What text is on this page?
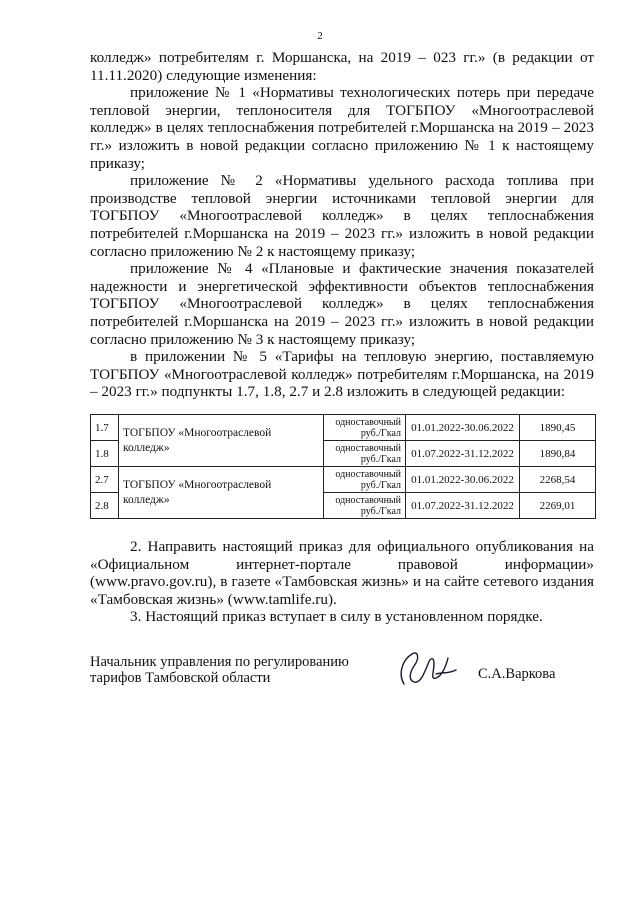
2

колледж» потребителям г. Моршанска, на 2019 – 023 гг.» (в редакции от 11.11.2020) следующие изменения:

приложение № 1 «Нормативы технологических потерь при передаче тепловой энергии, теплоносителя для ТОГБПОУ «Многоотраслевой колледж» в целях теплоснабжения потребителей г.Моршанска на 2019 – 2023 гг.» изложить в новой редакции согласно приложению № 1 к настоящему приказу;

приложение № 2 «Нормативы удельного расхода топлива при производстве тепловой энергии источниками тепловой энергии для ТОГБПОУ «Многоотраслевой колледж» в целях теплоснабжения потребителей г.Моршанска на 2019 – 2023 гг.» изложить в новой редакции согласно приложению № 2 к настоящему приказу;

приложение № 4 «Плановые и фактические значения показателей надежности и энергетической эффективности объектов теплоснабжения ТОГБПОУ «Многоотраслевой колледж» в целях теплоснабжения потребителей г.Моршанска на 2019 – 2023 гг.» изложить в новой редакции согласно приложению № 3 к настоящему приказу;

в приложении № 5 «Тарифы на тепловую энергию, поставляемую ТОГБПОУ «Многоотраслевой колледж» потребителям г.Моршанска, на 2019 – 2023 гг.» подпункты 1.7, 1.8, 2.7 и 2.8 изложить в следующей редакции:

1.7	ТОГБПОУ «Многоотраслевой колледж»	одноставочный руб./Гкал	01.01.2022-30.06.2022	1890,45
1.8		одноставочный руб./Гкал	01.07.2022-31.12.2022	1890,84
2.7	ТОГБПОУ «Многоотраслевой колледж»	одноставочный руб./Гкал	01.01.2022-30.06.2022	2268,54
2.8		одноставочный руб./Гкал	01.07.2022-31.12.2022	2269,01

2. Направить настоящий приказ для официального опубликования на «Официальном интернет-портале правовой информации» (www.pravo.gov.ru), в газете «Тамбовская жизнь» и на сайте сетевого издания «Тамбовская жизнь» (www.tamlife.ru).

3. Настоящий приказ вступает в силу в установленном порядке.

Начальник управления по регулированию
тарифов Тамбовской области	С.А.Варкова
